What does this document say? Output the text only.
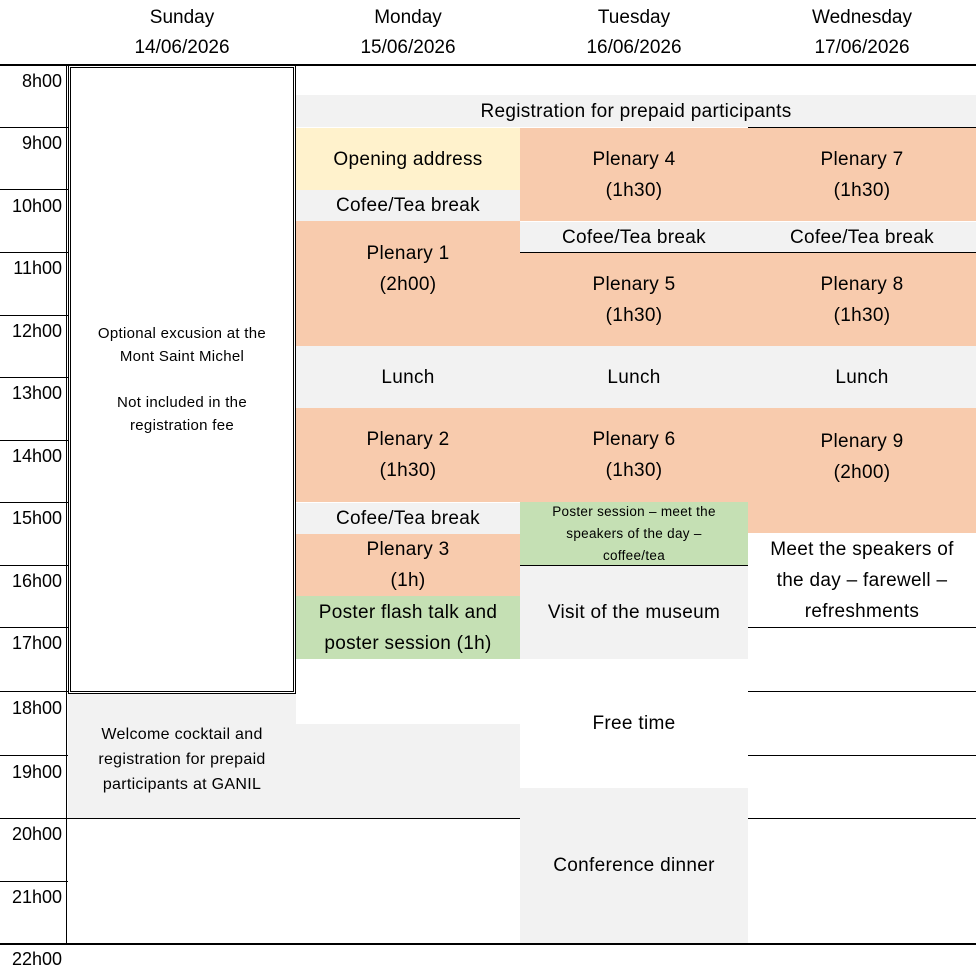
Sunday
14/06/2026
Monday
15/06/2026
Tuesday
16/06/2026
Wednesday
17/06/2026
Registration for prepaid participants
Optional excusion at the
Mont Saint Michel
Not included in the
registration fee
Welcome cocktail and
registration for prepaid
participants at GANIL
Opening address
Cofee/Tea break
Plenary 1
(2h00)
Lunch
Plenary 2
(1h30)
Cofee/Tea break
Plenary 3
(1h)
Poster flash talk and
poster session (1h)
Plenary 4
(1h30)
Cofee/Tea break
Plenary 5
(1h30)
Lunch
Plenary 6
(1h30)
Poster session – meet the
speakers of the day –
coffee/tea
Visit of the museum
Free time
Conference dinner
Plenary 7
(1h30)
Cofee/Tea break
Plenary 8
(1h30)
Lunch
Plenary 9
(2h00)
Meet the speakers of
the day – farewell –
refreshments
8h00
9h00
10h00
11h00
12h00
13h00
14h00
15h00
16h00
17h00
18h00
19h00
20h00
21h00
22h00
